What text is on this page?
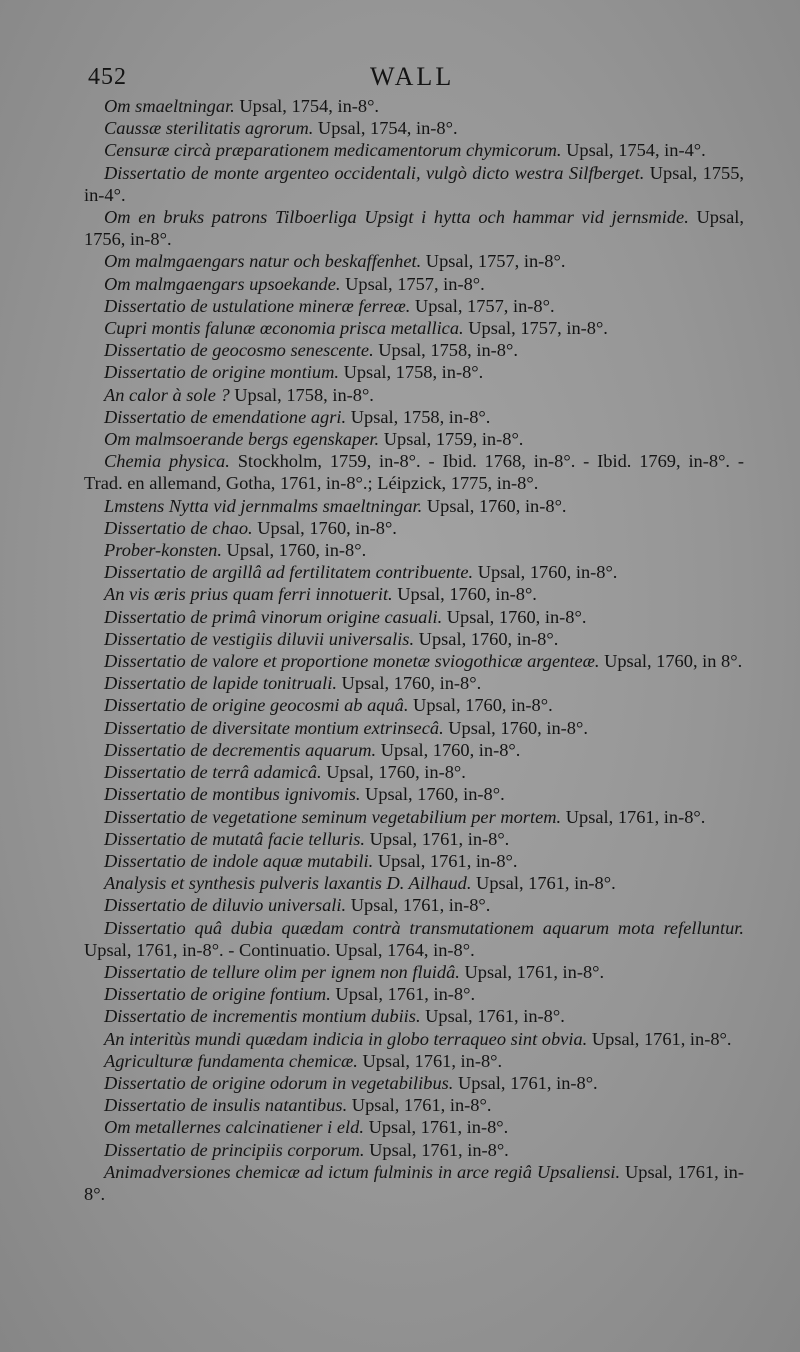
452	WALL

Om smaeltningar. Upsal, 1754, in-8°.

Caussæ sterilitatis agrorum. Upsal, 1754, in-8°.

Censuræ circà præparationem medicamentorum chymicorum. Upsal, 1754, in-4°.

Dissertatio de monte argenteo occidentali, vulgò dicto westra Silfberget. Upsal, 1755, in-4°.

Om en bruks patrons Tilboerliga Upsigt i hytta och hammar vid jernsmide. Upsal, 1756, in-8°.

Om malmgaengars natur och beskaffenhet. Upsal, 1757, in-8°.

Om malmgaengars upsoekande. Upsal, 1757, in-8°.

Dissertatio de ustulatione mineræ ferreæ. Upsal, 1757, in-8°.

Cupri montis falunæ œconomia prisca metallica. Upsal, 1757, in-8°.

Dissertatio de geocosmo senescente. Upsal, 1758, in-8°.

Dissertatio de origine montium. Upsal, 1758, in-8°.

An calor à sole ? Upsal, 1758, in-8°.

Dissertatio de emendatione agri. Upsal, 1758, in-8°.

Om malmsoerande bergs egenskaper. Upsal, 1759, in-8°.

Chemia physica. Stockholm, 1759, in-8°. - Ibid. 1768, in-8°. - Ibid. 1769, in-8°. - Trad. en allemand, Gotha, 1761, in-8°.; Léipzick, 1775, in-8°.

Lmstens Nytta vid jernmalms smaeltningar. Upsal, 1760, in-8°.

Dissertatio de chao. Upsal, 1760, in-8°.

Prober-konsten. Upsal, 1760, in-8°.

Dissertatio de argillâ ad fertilitatem contribuente. Upsal, 1760, in-8°.

An vis æris prius quam ferri innotuerit. Upsal, 1760, in-8°.

Dissertatio de primâ vinorum origine casuali. Upsal, 1760, in-8°.

Dissertatio de vestigiis diluvii universalis. Upsal, 1760, in-8°.

Dissertatio de valore et proportione monetæ sviogothicæ argenteæ. Upsal, 1760, in 8°.

Dissertatio de lapide tonitruali. Upsal, 1760, in-8°.

Dissertatio de origine geocosmi ab aquâ. Upsal, 1760, in-8°.

Dissertatio de diversitate montium extrinsecâ. Upsal, 1760, in-8°.

Dissertatio de decrementis aquarum. Upsal, 1760, in-8°.

Dissertatio de terrâ adamicâ. Upsal, 1760, in-8°.

Dissertatio de montibus ignivomis. Upsal, 1760, in-8°.

Dissertatio de vegetatione seminum vegetabilium per mortem. Upsal, 1761, in-8°.

Dissertatio de mutatâ facie telluris. Upsal, 1761, in-8°.

Dissertatio de indole aquæ mutabili. Upsal, 1761, in-8°.

Analysis et synthesis pulveris laxantis D. Ailhaud. Upsal, 1761, in-8°.

Dissertatio de diluvio universali. Upsal, 1761, in-8°.

Dissertatio quâ dubia quædam contrà transmutationem aquarum mota refelluntur. Upsal, 1761, in-8°. - Continuatio. Upsal, 1764, in-8°.

Dissertatio de tellure olim per ignem non fluidâ. Upsal, 1761, in-8°.

Dissertatio de origine fontium. Upsal, 1761, in-8°.

Dissertatio de incrementis montium dubiis. Upsal, 1761, in-8°.

An interitùs mundi quædam indicia in globo terraqueo sint obvia. Upsal, 1761, in-8°.

Agriculturæ fundamenta chemicæ. Upsal, 1761, in-8°.

Dissertatio de origine odorum in vegetabilibus. Upsal, 1761, in-8°.

Dissertatio de insulis natantibus. Upsal, 1761, in-8°.

Om metallernes calcinatiener i eld. Upsal, 1761, in-8°.

Dissertatio de principiis corporum. Upsal, 1761, in-8°.

Animadversiones chemicæ ad ictum fulminis in arce regiâ Upsaliensi. Upsal, 1761, in-8°.
